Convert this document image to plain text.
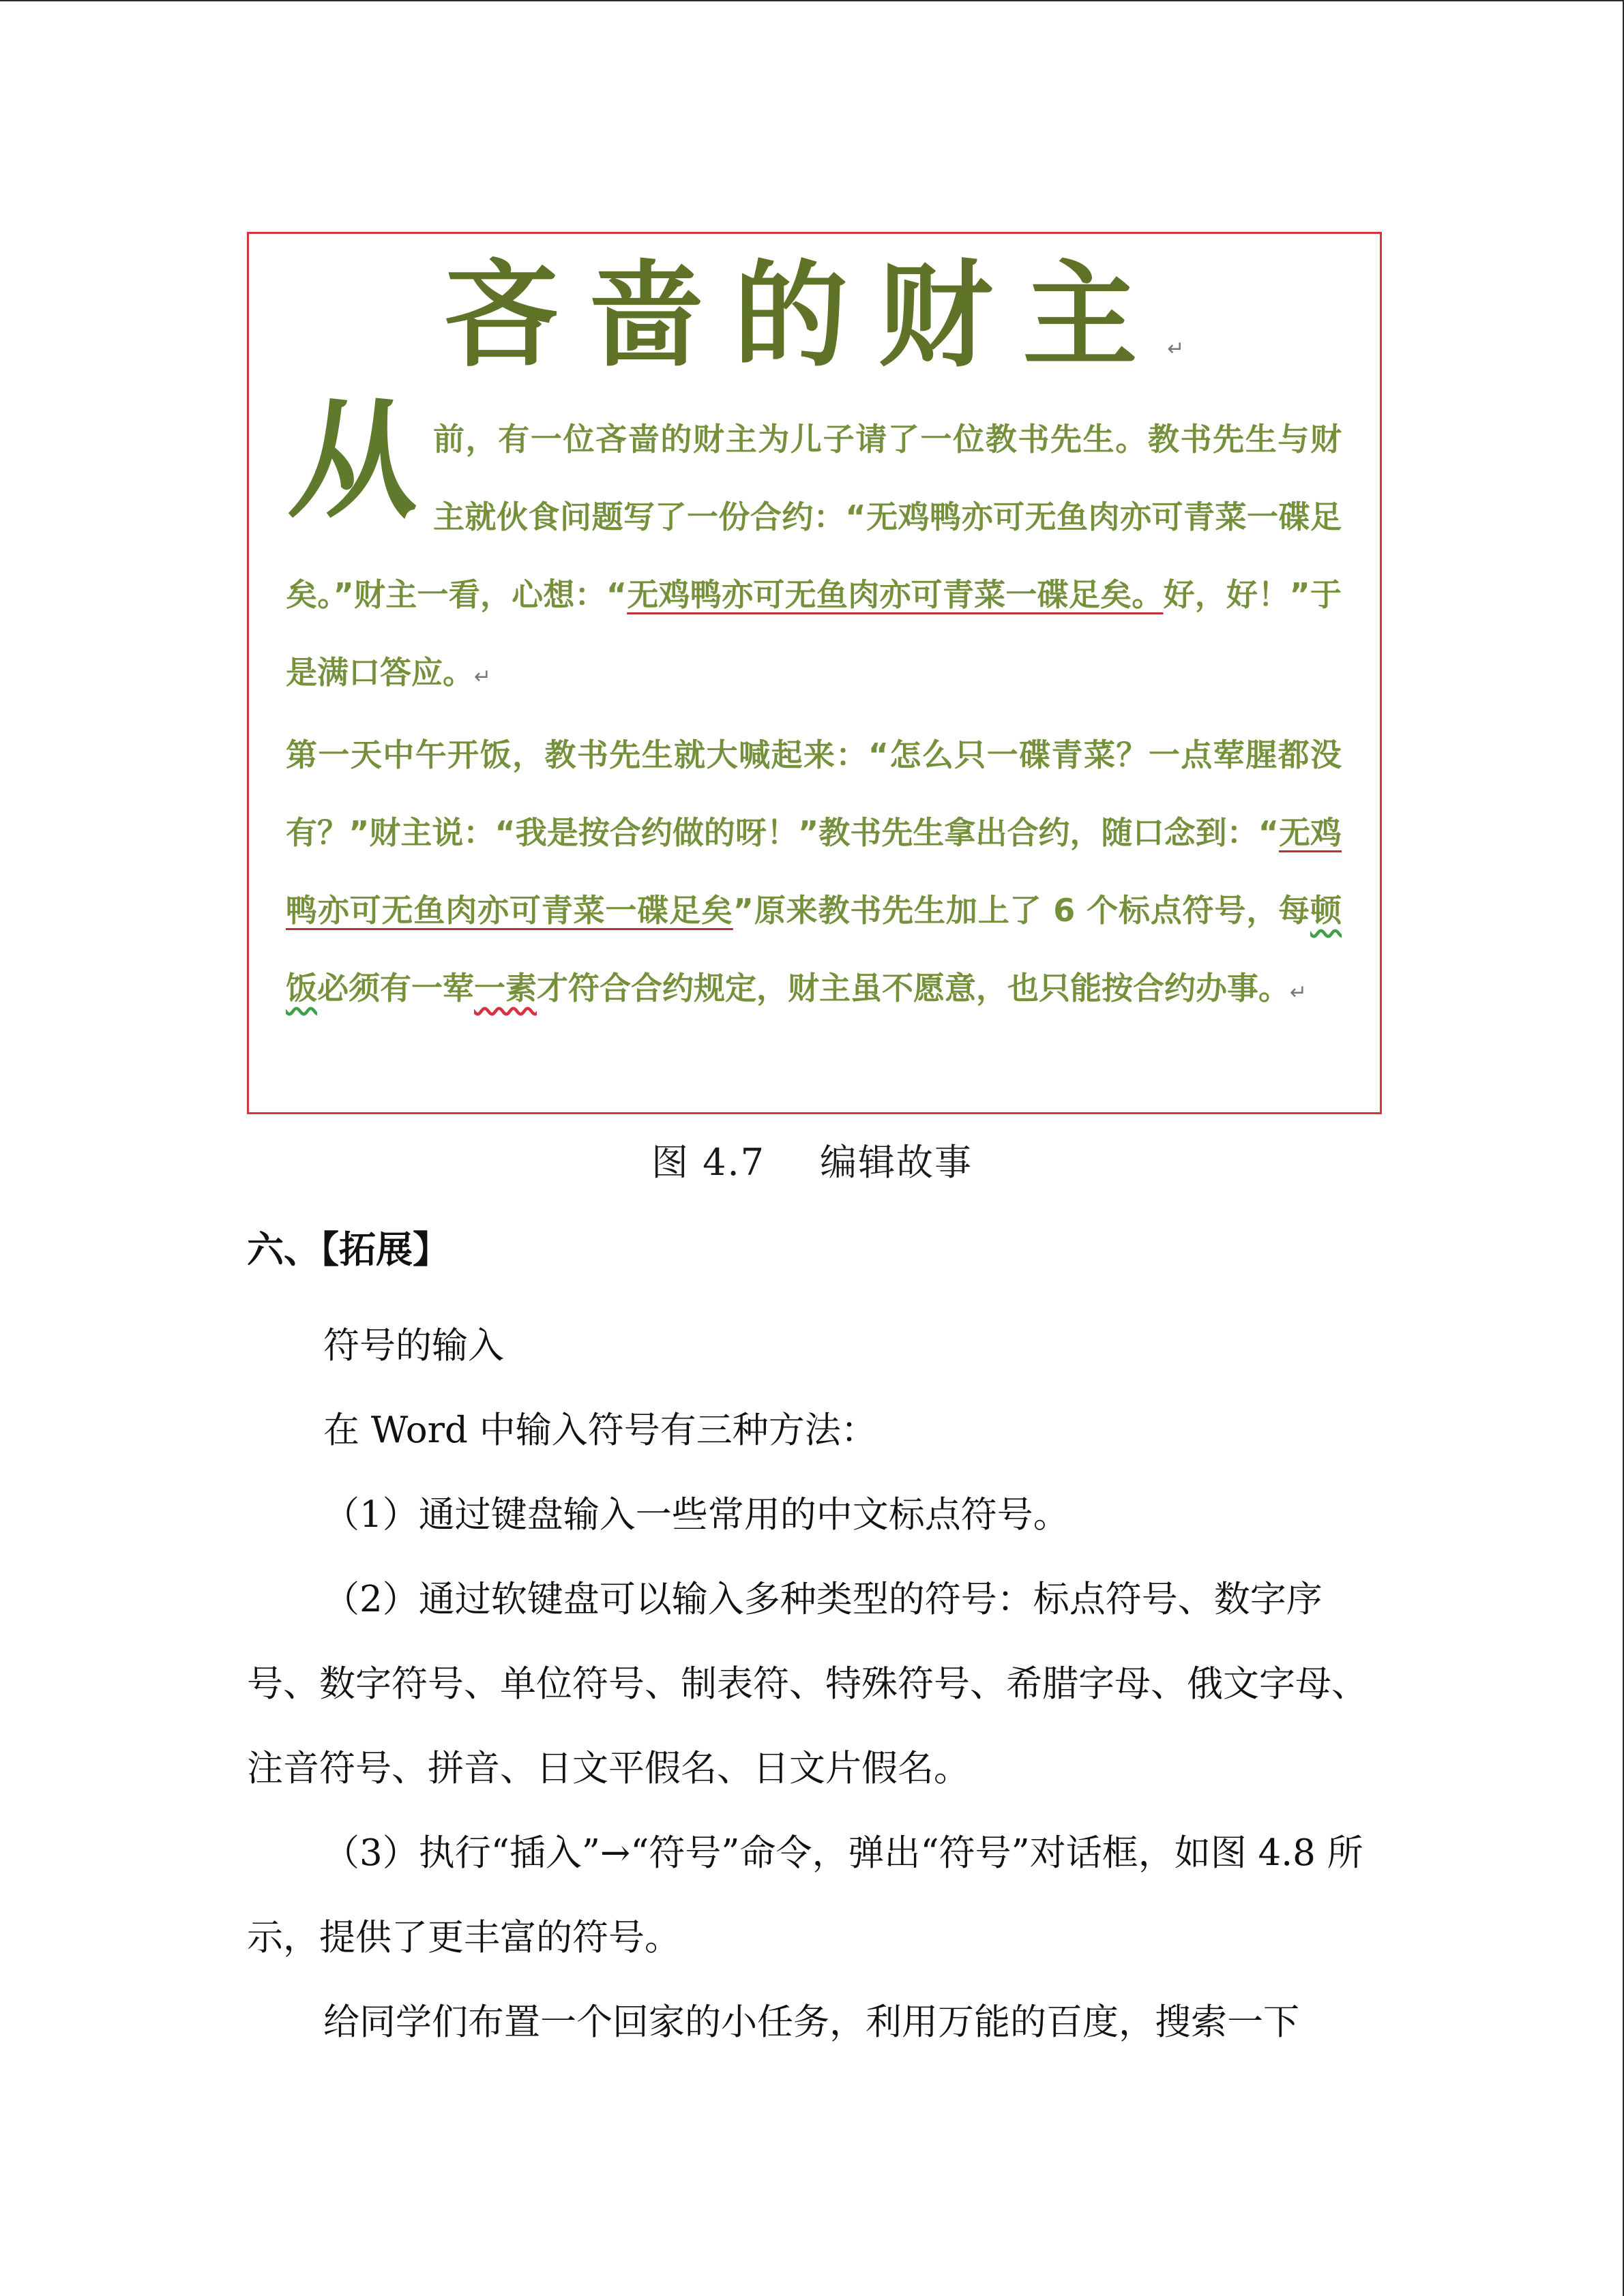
吝啬的财主↵

从前，有一位吝啬的财主为儿子请了一位教书先生。教书先生与财主就伙食问题写了一份合约：“无鸡鸭亦可无鱼肉亦可青菜一碟足矣。”财主一看，心想：“无鸡鸭亦可无鱼肉亦可青菜一碟足矣。好，好！”于是满口答应。↵

第一天中午开饭，教书先生就大喊起来：“怎么只一碟青菜？一点荤腥都没有？”财主说：“我是按合约做的呀！”教书先生拿出合约，随口念到：“无鸡鸭亦可无鱼肉亦可青菜一碟足矣”原来教书先生加上了 6 个标点符号，每顿饭必须有一荤一素才符合合约规定，财主虽不愿意，也只能按合约办事。↵

图 4.7 编辑故事
六、【拓展】

符号的输入

在 Word 中输入符号有三种方法：

（1）通过键盘输入一些常用的中文标点符号。

（2）通过软键盘可以输入多种类型的符号：标点符号、数字序号、数字符号、单位符号、制表符、特殊符号、希腊字母、俄文字母、注音符号、拼音、日文平假名、日文片假名。

（3）执行“插入”→“符号”命令，弹出“符号”对话框，如图 4.8 所示，提供了更丰富的符号。

给同学们布置一个回家的小任务，利用万能的百度，搜索一下
